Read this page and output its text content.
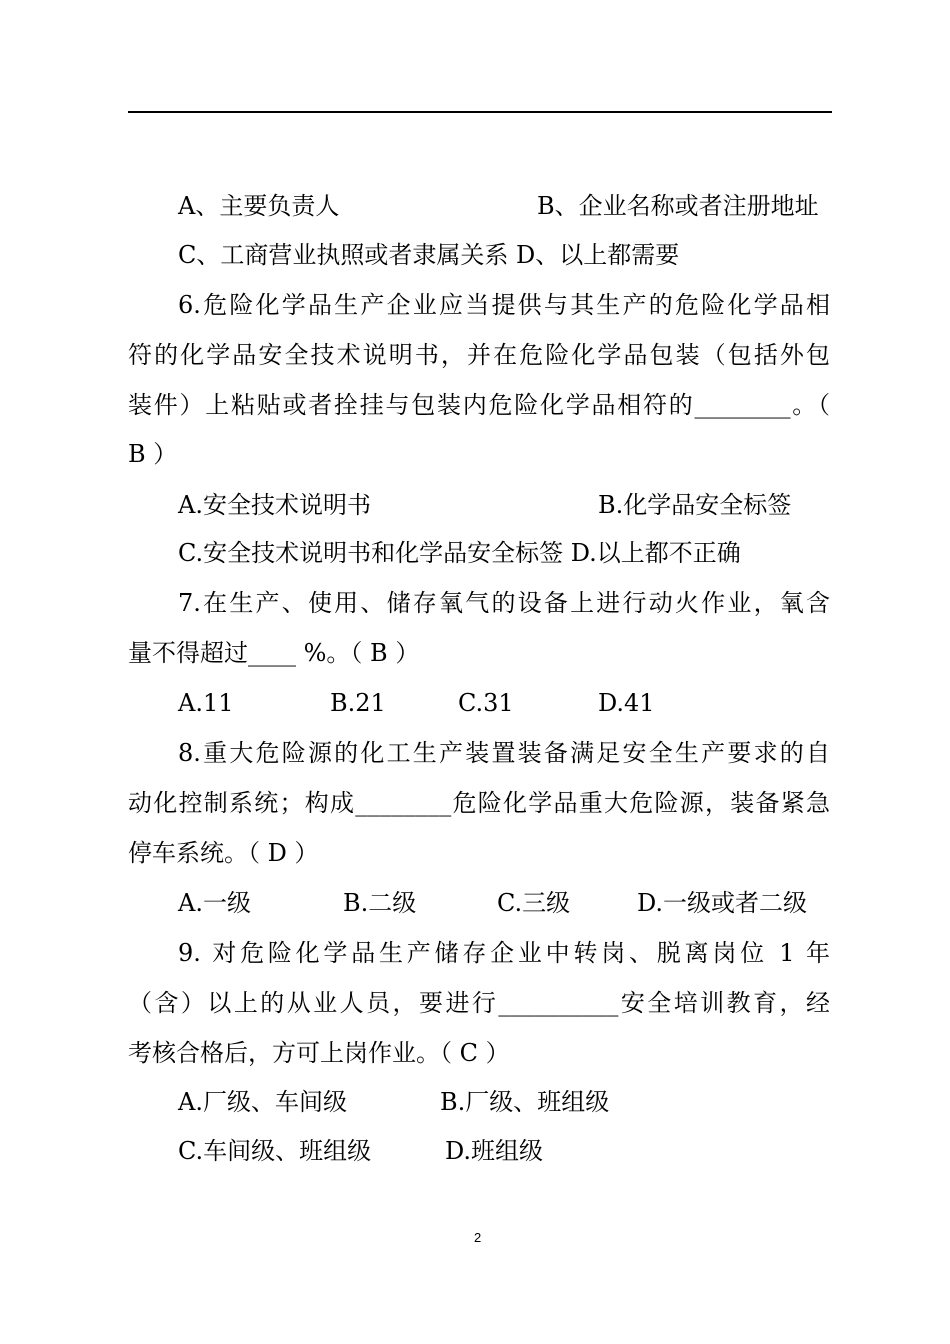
A、主要负责人	B、企业名称或者注册地址
C、工商营业执照或者隶属关系 D、以上都需要
6.危险化学品生产企业应当提供与其生产的危险化学品相
符的化学品安全技术说明书，并在危险化学品包装（包括外包
装件）上粘贴或者拴挂与包装内危险化学品相符的________。（
B ）
A.安全技术说明书	B.化学品安全标签
C.安全技术说明书和化学品安全标签 D.以上都不正确
7.在生产、使用、储存氧气的设备上进行动火作业，氧含
量不得超过____ %。（ B ）
A.11	B.21	C.31	D.41
8.重大危险源的化工生产装置装备满足安全生产要求的自
动化控制系统；构成________危险化学品重大危险源，装备紧急
停车系统。（ D ）
A.一级	B.二级	C.三级	D.一级或者二级
9. 对危险化学品生产储存企业中转岗、脱离岗位 1 年
（含）以上的从业人员，要进行__________安全培训教育，经
考核合格后，方可上岗作业。（ C ）
A.厂级、车间级	B.厂级、班组级
C.车间级、班组级	D.班组级
2
